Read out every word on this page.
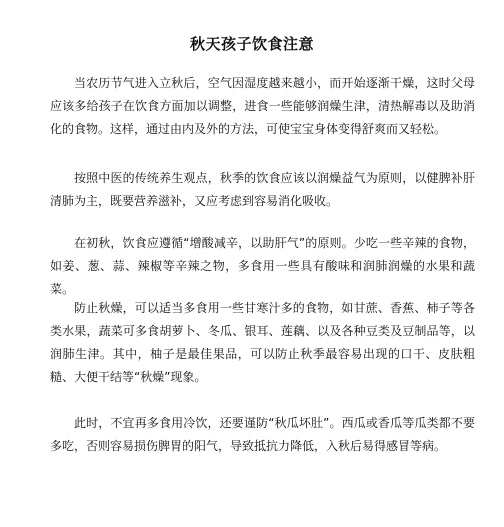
秋天孩子饮食注意

当农历节气进入立秋后，空气因湿度越来越小，而开始逐渐干燥，这时父母应该多给孩子在饮食方面加以调整，进食一些能够润燥生津，清热解毒以及助消化的食物。这样，通过由内及外的方法，可使宝宝身体变得舒爽而又轻松。

按照中医的传统养生观点，秋季的饮食应该以润燥益气为原则，以健脾补肝清肺为主，既要营养滋补，又应考虑到容易消化吸收。

在初秋，饮食应遵循“增酸减辛，以助肝气”的原则。少吃一些辛辣的食物，如姜、葱、蒜、辣椒等辛辣之物，多食用一些具有酸味和润肺润燥的水果和蔬菜。

防止秋燥，可以适当多食用一些甘寒汁多的食物，如甘蔗、香蕉、柿子等各类水果，蔬菜可多食胡萝卜、冬瓜、银耳、莲藕、以及各种豆类及豆制品等，以润肺生津。其中，柚子是最佳果品，可以防止秋季最容易出现的口干、皮肤粗糙、大便干结等“秋燥”现象。

此时，不宜再多食用冷饮，还要谨防“秋瓜坏肚”。西瓜或香瓜等瓜类都不要多吃，否则容易损伤脾胃的阳气，导致抵抗力降低，入秋后易得感冒等病。
